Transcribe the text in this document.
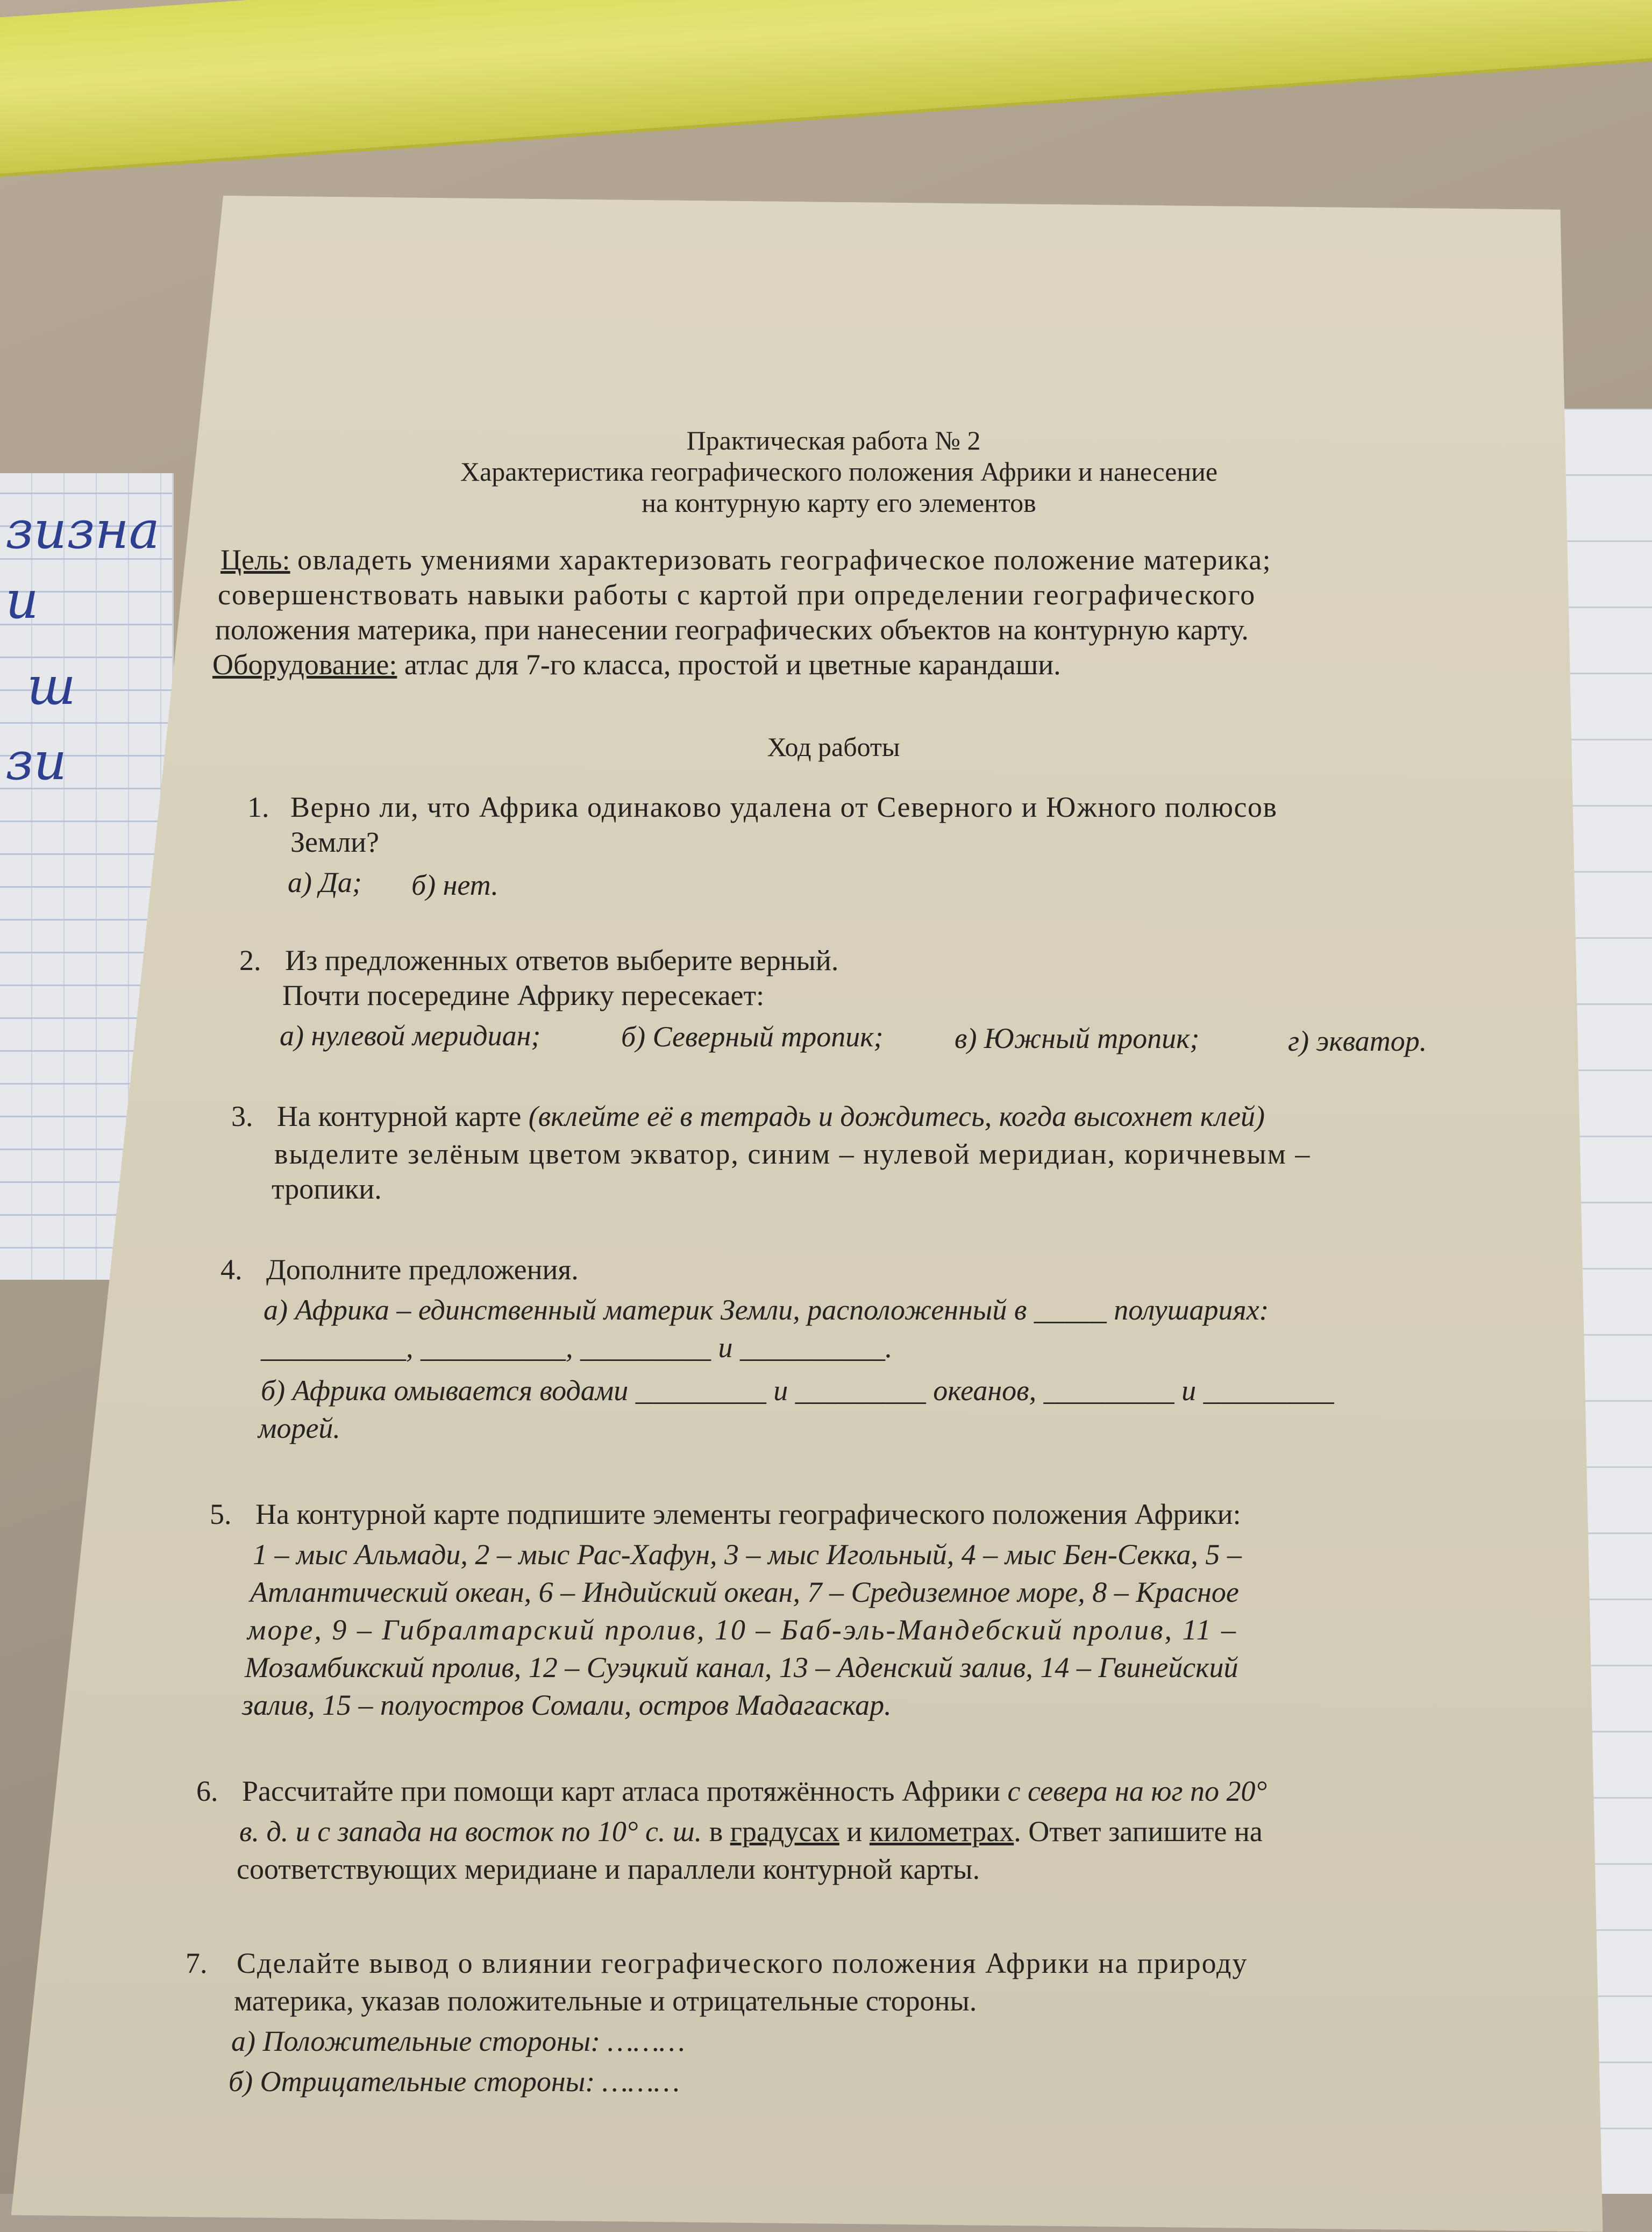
зизна
и
ш
зи
Практическая работа № 2
Характеристика географического положения Африки и нанесение
на контурную карту его элементов
Цель: овладеть умениями характеризовать географическое положение материка;
совершенствовать навыки работы с картой при определении географического
положения материка, при нанесении географических объектов на контурную карту.
Оборудование: атлас для 7-го класса, простой и цветные карандаши.
Ход работы
1. Верно ли, что Африка одинаково удалена от Северного и Южного полюсов
Земли?
а) Да; б) нет.
2. Из предложенных ответов выберите верный.
Почти посередине Африку пересекает:
а) нулевой меридиан;	б) Северный тропик; в) Южный тропик;	г) экватор.
3. На контурной карте (вклейте её в тетрадь и дождитесь, когда высохнет клей)
выделите зелёным цветом экватор, синим – нулевой меридиан, коричневым –
тропики.
4. Дополните предложения.
а) Африка – единственный материк Земли, расположенный в _____ полушариях:
__________, __________, _________ и __________.
б) Африка омывается водами _________ и _________ океанов, _________ и _________
морей.
5. На контурной карте подпишите элементы географического положения Африки:
1 – мыс Альмади, 2 – мыс Рас-Хафун, 3 – мыс Игольный, 4 – мыс Бен-Секка, 5 –
Атлантический океан, 6 – Индийский океан, 7 – Средиземное море, 8 – Красное
море, 9 – Гибралтарский пролив, 10 – Баб-эль-Мандебский пролив, 11 –
Мозамбикский пролив, 12 – Суэцкий канал, 13 – Аденский залив, 14 – Гвинейский
залив, 15 – полуостров Сомали, остров Мадагаскар.
6. Рассчитайте при помощи карт атласа протяжённость Африки с севера на юг по 20°
в. д. и с запада на восток по 10° с. ш. в градусах и километрах. Ответ запишите на
соответствующих меридиане и параллели контурной карты.
7. Сделайте вывод о влиянии географического положения Африки на природу
материка, указав положительные и отрицательные стороны.
а) Положительные стороны: ………
б) Отрицательные стороны: ………
